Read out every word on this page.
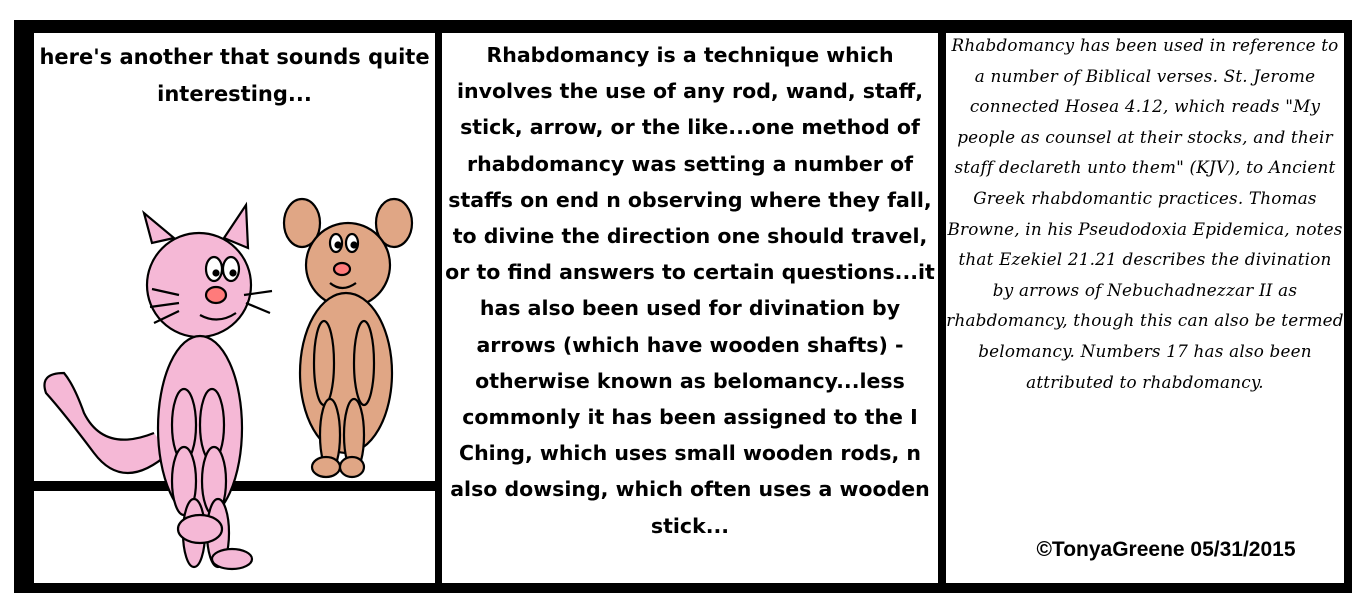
here's another that sounds quite interesting...
Rhabdomancy is a technique which involves the use of any rod, wand, staff, stick, arrow, or the like...one method of rhabdomancy was setting a number of staffs on end n observing where they fall, to divine the direction one should travel, or to find answers to certain questions...it has also been used for divination by arrows (which have wooden shafts) - otherwise known as belomancy...less commonly it has been assigned to the I Ching, which uses small wooden rods, n also dowsing, which often uses a wooden stick...
Rhabdomancy has been used in reference to a number of Biblical verses. St. Jerome connected Hosea 4.12, which reads "My people as counsel at their stocks, and their staff declareth unto them" (KJV), to Ancient Greek rhabdomantic practices. Thomas Browne, in his Pseudodoxia Epidemica, notes that Ezekiel 21.21 describes the divination by arrows of Nebuchadnezzar II as rhabdomancy, though this can also be termed belomancy. Numbers 17 has also been attributed to rhabdomancy.
©TonyaGreene 05/31/2015
